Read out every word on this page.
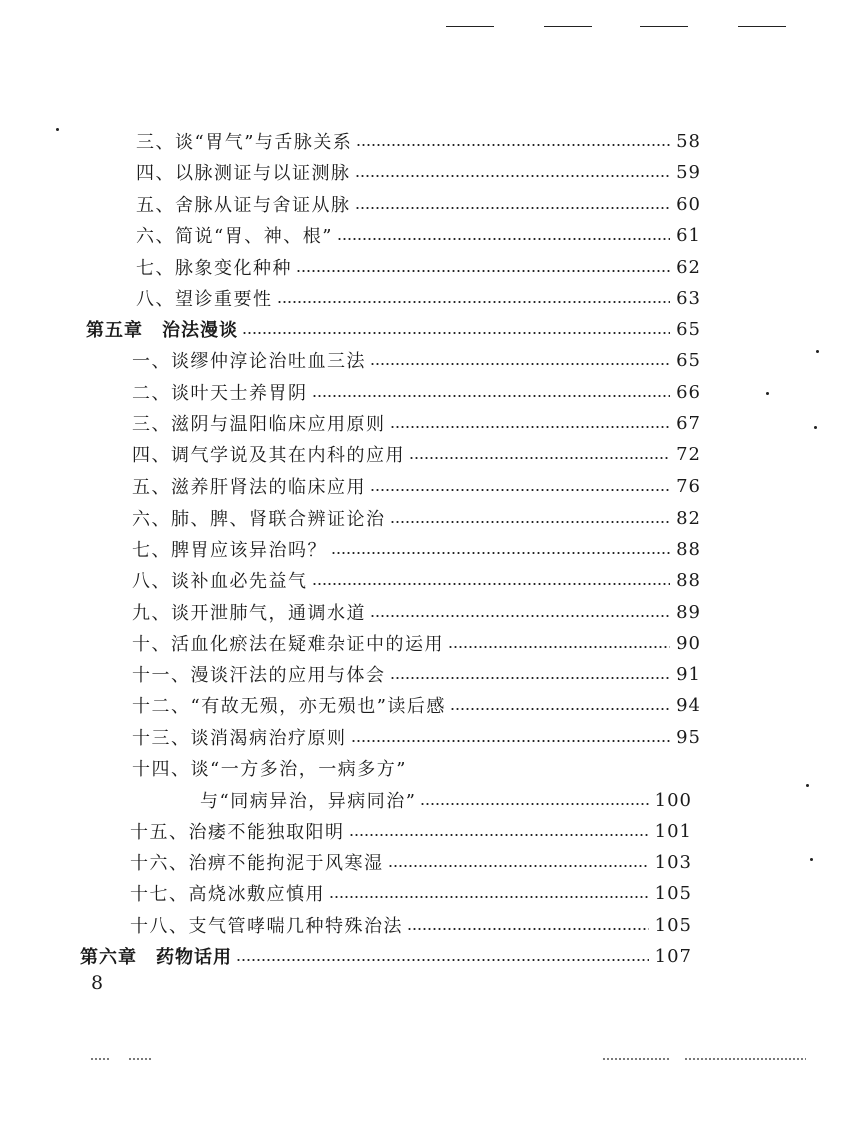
三、谈“胃气”与舌脉关系	58
四、以脉测证与以证测脉	59
五、舍脉从证与舍证从脉	60
六、简说“胃、神、根”	61
七、脉象变化种种	62
八、望诊重要性	63
第五章　治法漫谈	65
一、谈缪仲淳论治吐血三法	65
二、谈叶天士养胃阴	66
三、滋阴与温阳临床应用原则	67
四、调气学说及其在内科的应用	72
五、滋养肝肾法的临床应用	76
六、肺、脾、肾联合辨证论治	82
七、脾胃应该异治吗？	88
八、谈补血必先益气	88
九、谈开泄肺气，通调水道	89
十、活血化瘀法在疑难杂证中的运用	90
十一、漫谈汗法的应用与体会	91
十二、“有故无殒，亦无殒也”读后感	94
十三、谈消渴病治疗原则	95
十四、谈“一方多治，一病多方”
与“同病异治，异病同治”	100
十五、治痿不能独取阳明	101
十六、治痹不能拘泥于风寒湿	103
十七、高烧冰敷应慎用	105
十八、支气管哮喘几种特殊治法	105
第六章　药物话用	107
8
